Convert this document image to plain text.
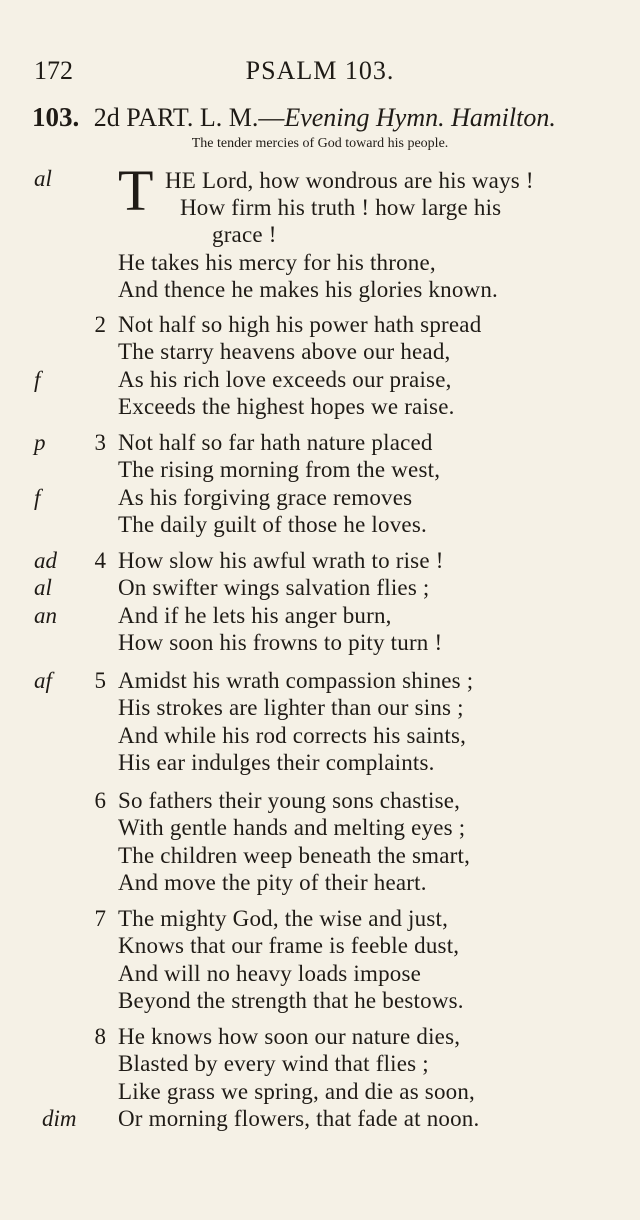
172	PSALM 103.
103. 2d PART. L. M.—Evening Hymn. Hamilton.
The tender mercies of God toward his people.
al T HE Lord, how wondrous are his ways !
How firm his truth ! how large his
grace !
He takes his mercy for his throne,
And thence he makes his glories known.
2 Not half so high his power hath spread
The starry heavens above our head,
f	As his rich love exceeds our praise,
Exceeds the highest hopes we raise.
3
p	Not half so far hath nature placed
The rising morning from the west,
f	As his forgiving grace removes
The daily guilt of those he loves.
4
ad	How slow his awful wrath to rise !
al	On swifter wings salvation flies ;
an	And if he lets his anger burn,
How soon his frowns to pity turn !
5
af	Amidst his wrath compassion shines ;
His strokes are lighter than our sins ;
And while his rod corrects his saints,
His ear indulges their complaints.
6 So fathers their young sons chastise,
With gentle hands and melting eyes ;
The children weep beneath the smart,
And move the pity of their heart.
7 The mighty God, the wise and just,
Knows that our frame is feeble dust,
And will no heavy loads impose
Beyond the strength that he bestows.
8 He knows how soon our nature dies,
Blasted by every wind that flies ;
Like grass we spring, and die as soon,
dim Or morning flowers, that fade at noon.
